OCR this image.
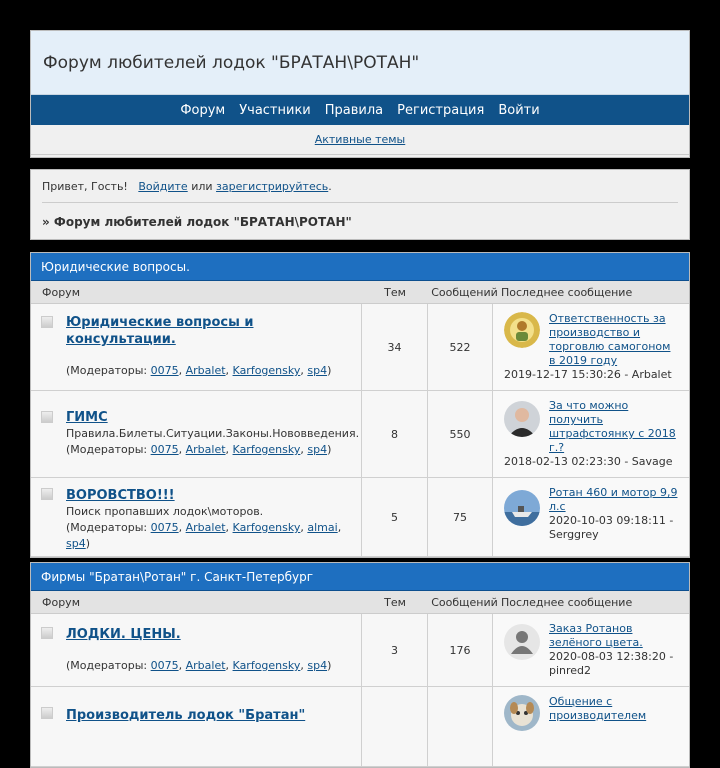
Форум любителей лодок "БРАТАН\РОТАН"
Форум	Участники	Правила	Регистрация	Войти
Активные темы
Привет, Гость!
Войдите
или
зарегистрируйтесь .
» Форум любителей лодок "БРАТАН\РОТАН"
Юридические вопросы.
Форум	Тем	Сообщений Последнее сообщение
Юридические вопросы и
консультации.
(Модераторы: 0075, Arbalet, Karfogensky, sp4)
34	522
Ответственность за производство и торговлю самогоном в 2019 году
2019-12-17 15:30:26 - Arbalet
ГИМС
Правила.Билеты.Ситуации.Законы.Нововведения.
(Модераторы: 0075, Arbalet, Karfogensky, sp4)
8	550
За что можно получить штрафстоянку с 2018 г.?
2018-02-13 02:23:30 - Savage
ВОРОВСТВО!!!
Поиск пропавших лодок\моторов.
(Модераторы: 0075, Arbalet, Karfogensky, almai,
sp4)
5	75
Ротан 460 и мотор 9,9 л.с
2020-10-03 09:18:11 - Serggrey
Фирмы "Братан\Ротан" г. Санкт-Петербург
Форум	Тем	Сообщений Последнее сообщение
ЛОДКИ. ЦЕНЫ.
(Модераторы: 0075, Arbalet, Karfogensky, sp4)
3	176
Заказ Ротанов зелёного цвета.
2020-08-03 12:38:20 - pinred2
Производитель лодок "Братан"
Общение с производителем
